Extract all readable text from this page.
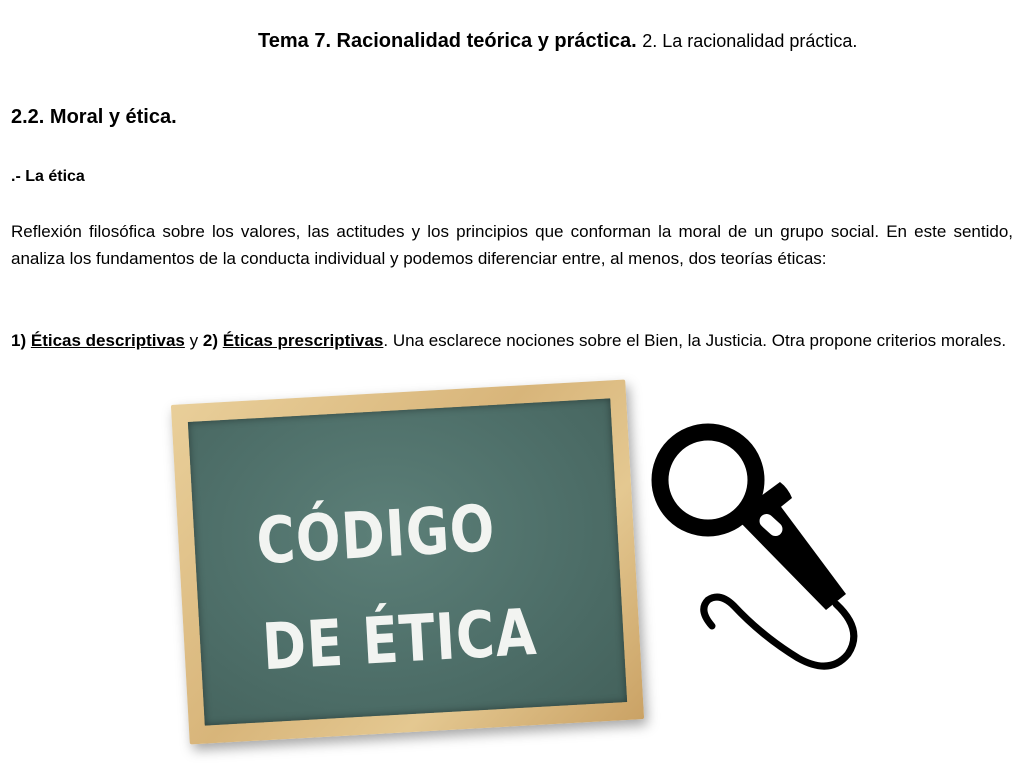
Tema 7. Racionalidad teórica y práctica. 2. La racionalidad práctica.
2.2. Moral y ética.

.- La ética

Reflexión filosófica sobre los valores, las actitudes y los principios que conforman la moral de un grupo social. En este sentido, analiza los fundamentos de la conducta individual y podemos diferenciar entre, al menos, dos teorías éticas:

1) Éticas descriptivas y 2) Éticas prescriptivas. Una esclarece nociones sobre el Bien, la Justicia. Otra propone criterios morales.

CÓDIGO
DE ÉTICA
